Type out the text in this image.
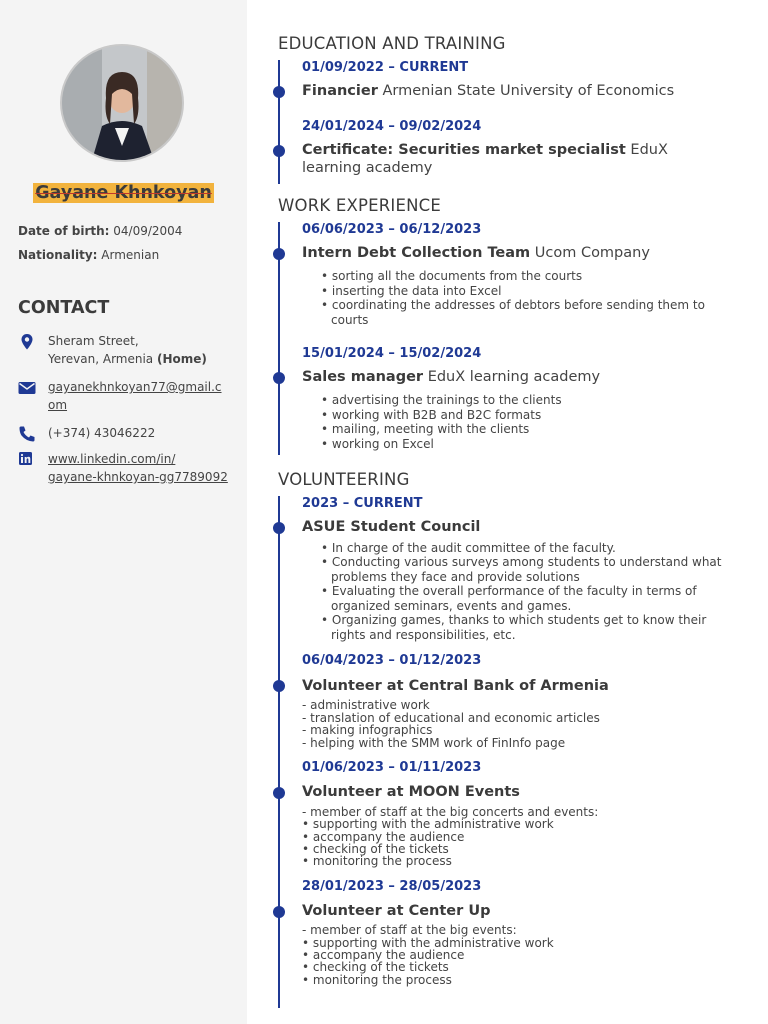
Gayane Khnkoyan
Date of birth: 04/09/2004
Nationality: Armenian
CONTACT
Sheram Street,
Yerevan, Armenia (Home)
gayanekhnkoyan77@gmail.c
om
(+374) 43046222
www.linkedin.com/in/
gayane-khnkoyan-gg7789092
EDUCATION AND TRAINING
01/09/2022 – CURRENT
Financier Armenian State University of Economics
24/01/2024 – 09/02/2024
Certificate: Securities market specialist EduX learning academy
WORK EXPERIENCE
06/06/2023 – 06/12/2023
Intern Debt Collection Team Ucom Company
• sorting all the documents from the courts
• inserting the data into Excel
• coordinating the addresses of debtors before sending them to courts
15/01/2024 – 15/02/2024
Sales manager EduX learning academy
• advertising the trainings to the clients
• working with B2B and B2C formats
• mailing, meeting with the clients
• working on Excel
VOLUNTEERING
2023 – CURRENT
ASUE Student Council
• In charge of the audit committee of the faculty.
• Conducting various surveys among students to understand what problems they face and provide solutions
• Evaluating the overall performance of the faculty in terms of organized seminars, events and games.
• Organizing games, thanks to which students get to know their rights and responsibilities, etc.
06/04/2023 – 01/12/2023
Volunteer at Central Bank of Armenia
- administrative work
- translation of educational and economic articles
- making infographics
- helping with the SMM work of FinInfo page
01/06/2023 – 01/11/2023
Volunteer at MOON Events
- member of staff at the big concerts and events:
• supporting with the administrative work
• accompany the audience
• checking of the tickets
• monitoring the process
28/01/2023 – 28/05/2023
Volunteer at Center Up
- member of staff at the big events:
• supporting with the administrative work
• accompany the audience
• checking of the tickets
• monitoring the process
